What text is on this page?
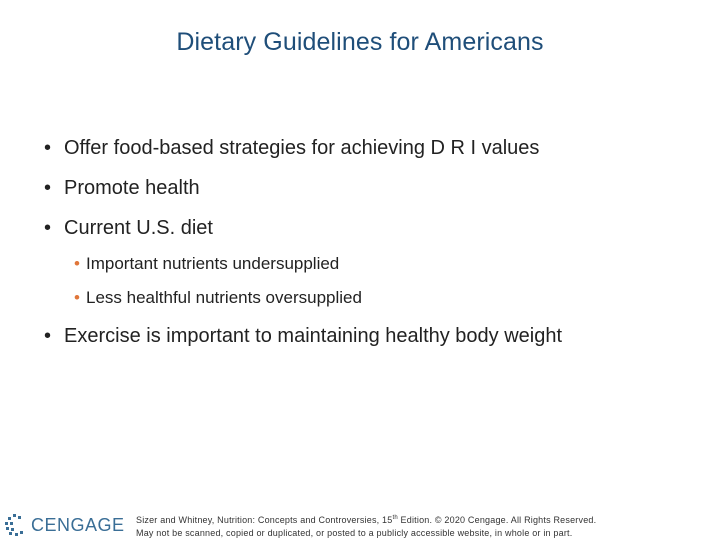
Dietary Guidelines for Americans
• Offer food-based strategies for achieving D R I values
• Promote health
• Current U.S. diet
• Important nutrients undersupplied
• Less healthful nutrients oversupplied
• Exercise is important to maintaining healthy body weight
CENGAGE Sizer and Whitney, Nutrition: Concepts and Controversies, 15th Edition. © 2020 Cengage. All Rights Reserved.
May not be scanned, copied or duplicated, or posted to a publicly accessible website, in whole or in part.
